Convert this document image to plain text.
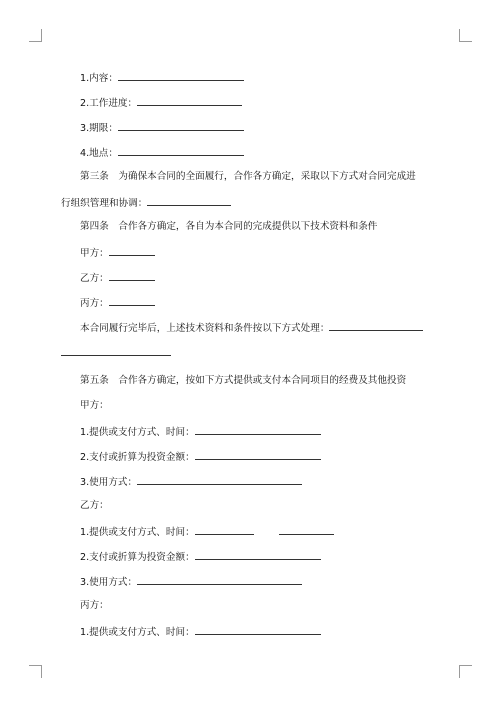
1.内容：
2.工作进度：
3.期限：
4.地点：
第三条　为确保本合同的全面履行，合作各方确定，采取以下方式对合同完成进
行组织管理和协调：
第四条　合作各方确定，各自为本合同的完成提供以下技术资料和条件
甲方：
乙方：
丙方：
本合同履行完毕后，上述技术资料和条件按以下方式处理：
第五条　合作各方确定，按如下方式提供或支付本合同项目的经费及其他投资
甲方：
1.提供或支付方式、时间：
2.支付或折算为投资金额：
3.使用方式：
乙方：
1.提供或支付方式、时间：
2.支付或折算为投资金额：
3.使用方式：
丙方：
1.提供或支付方式、时间：
